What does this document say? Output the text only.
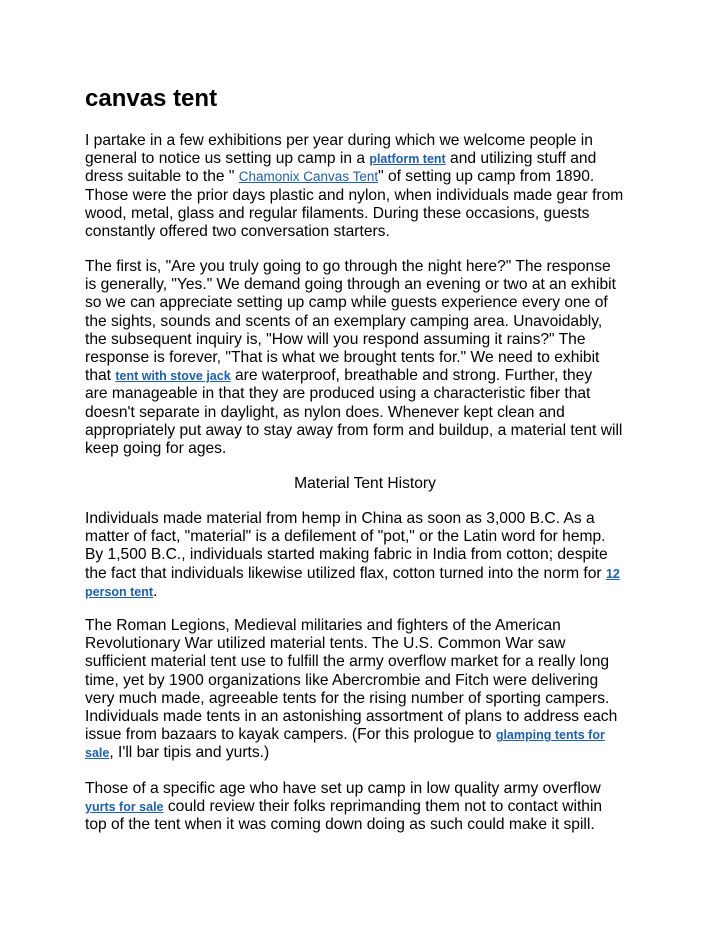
canvas tent

I partake in a few exhibitions per year during which we welcome people in
general to notice us setting up camp in a platform tent and utilizing stuff and
dress suitable to the " Chamonix Canvas Tent" of setting up camp from 1890.
Those were the prior days plastic and nylon, when individuals made gear from
wood, metal, glass and regular filaments. During these occasions, guests
constantly offered two conversation starters.

The first is, "Are you truly going to go through the night here?" The response
is generally, "Yes." We demand going through an evening or two at an exhibit
so we can appreciate setting up camp while guests experience every one of
the sights, sounds and scents of an exemplary camping area. Unavoidably,
the subsequent inquiry is, "How will you respond assuming it rains?" The
response is forever, "That is what we brought tents for." We need to exhibit
that tent with stove jack are waterproof, breathable and strong. Further, they
are manageable in that they are produced using a characteristic fiber that
doesn't separate in daylight, as nylon does. Whenever kept clean and
appropriately put away to stay away from form and buildup, a material tent will
keep going for ages.

Material Tent History

Individuals made material from hemp in China as soon as 3,000 B.C. As a
matter of fact, "material" is a defilement of "pot," or the Latin word for hemp.
By 1,500 B.C., individuals started making fabric in India from cotton; despite
the fact that individuals likewise utilized flax, cotton turned into the norm for 12
person tent.

The Roman Legions, Medieval militaries and fighters of the American
Revolutionary War utilized material tents. The U.S. Common War saw
sufficient material tent use to fulfill the army overflow market for a really long
time, yet by 1900 organizations like Abercrombie and Fitch were delivering
very much made, agreeable tents for the rising number of sporting campers.
Individuals made tents in an astonishing assortment of plans to address each
issue from bazaars to kayak campers. (For this prologue to glamping tents for
sale, I'll bar tipis and yurts.)

Those of a specific age who have set up camp in low quality army overflow
yurts for sale could review their folks reprimanding them not to contact within
top of the tent when it was coming down doing as such could make it spill.
